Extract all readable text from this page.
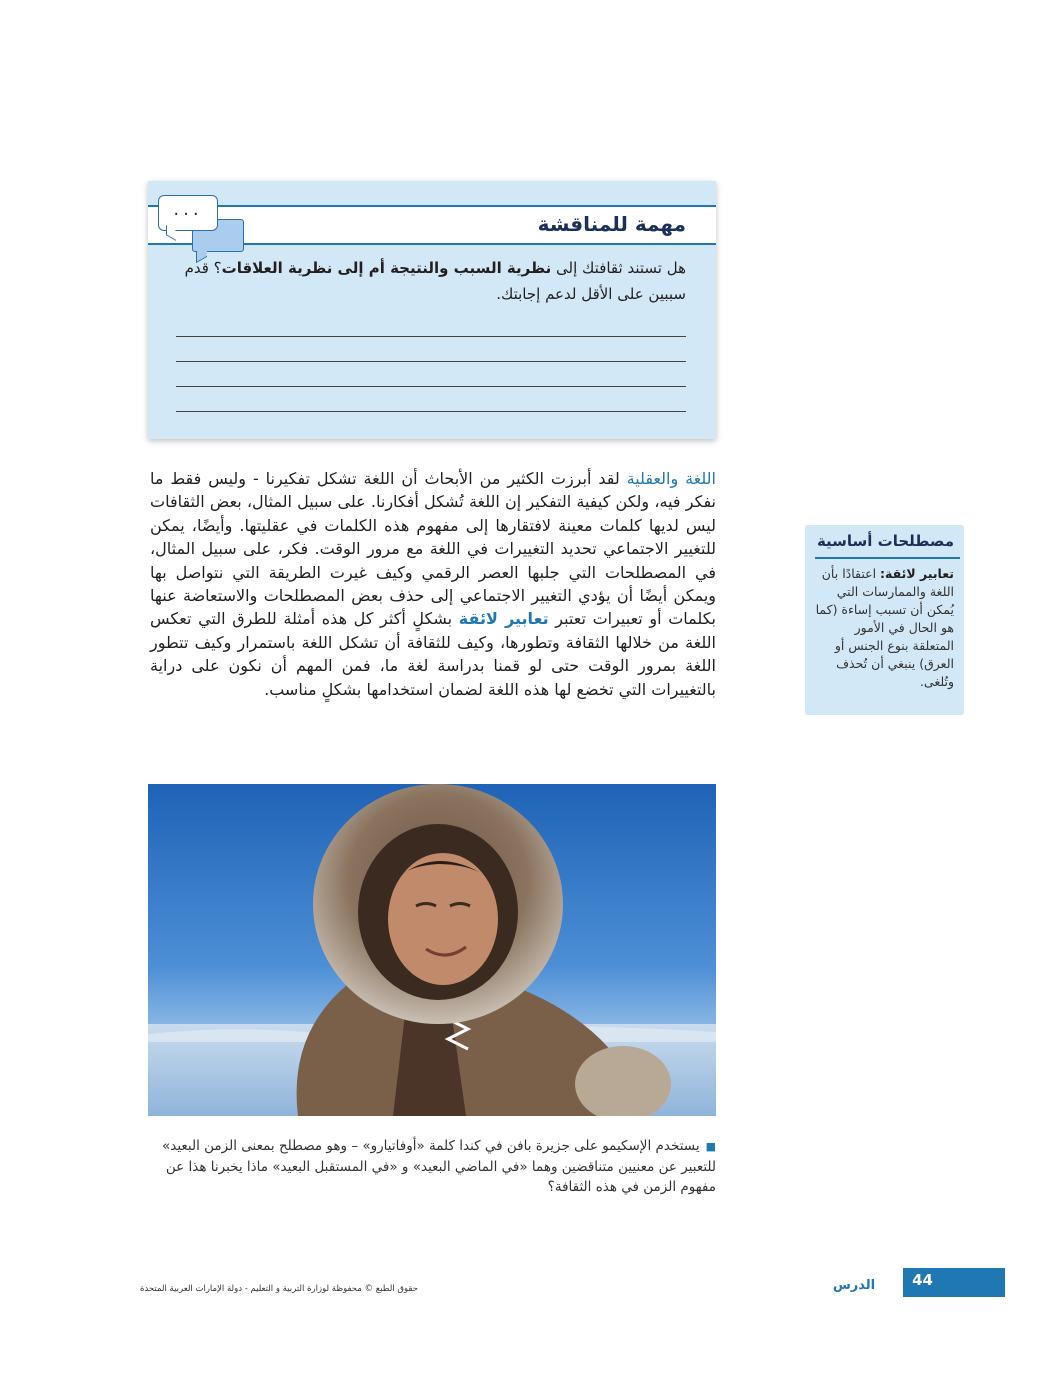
مهمة للمناقشة
...

هل تستند ثقافتك إلى نظرية السبب والنتيجة أم إلى نظرية العلاقات؟ قدم سببين على الأقل لدعم إجابتك.

اللغة والعقلية لقد أبرزت الكثير من الأبحاث أن اللغة تشكل تفكيرنا - وليس فقط ما نفكر فيه، ولكن كيفية التفكير إن اللغة تُشكل أفكارنا. على سبيل المثال، بعض الثقافات ليس لديها كلمات معينة لافتقارها إلى مفهوم هذه الكلمات في عقليتها. وأيضًا، يمكن للتغيير الاجتماعي تحديد التغييرات في اللغة مع مرور الوقت. فكر، على سبيل المثال، في المصطلحات التي جلبها العصر الرقمي وكيف غيرت الطريقة التي نتواصل بها ويمكن أيضًا أن يؤدي التغيير الاجتماعي إلى حذف بعض المصطلحات والاستعاضة عنها بكلمات أو تعبيرات تعتبر تعابير لائقة بشكلٍ أكثر كل هذه أمثلة للطرق التي تعكس اللغة من خلالها الثقافة وتطورها، وكيف للثقافة أن تشكل اللغة باستمرار وكيف تتطور اللغة بمرور الوقت حتى لو قمنا بدراسة لغة ما، فمن المهم أن نكون على دراية بالتغييرات التي تخضع لها هذه اللغة لضمان استخدامها بشكلٍ مناسب.

مصطلحات أساسية

تعابير لائقة: اعتقادًا بأن اللغة والممارسات التي يُمكن أن تسبب إساءة (كما هو الحال في الأمور المتعلقة بنوع الجنس أو العرق) ينبغي أن تُحذف وتُلغى.

■يستخدم الإسكيمو على جزيرة بافن في كندا كلمة «أوفاتيارو» – وهو مصطلح بمعنى الزمن البعيد» للتعبير عن معنيين متناقضين وهما «في الماضي البعيد» و «في المستقبل البعيد» ماذا يخبرنا هذا عن مفهوم الزمن في هذه الثقافة؟

44
الدرس
حقوق الطبع © محفوظة لوزارة التربية و التعليم - دولة الإمارات العربية المتحدة
